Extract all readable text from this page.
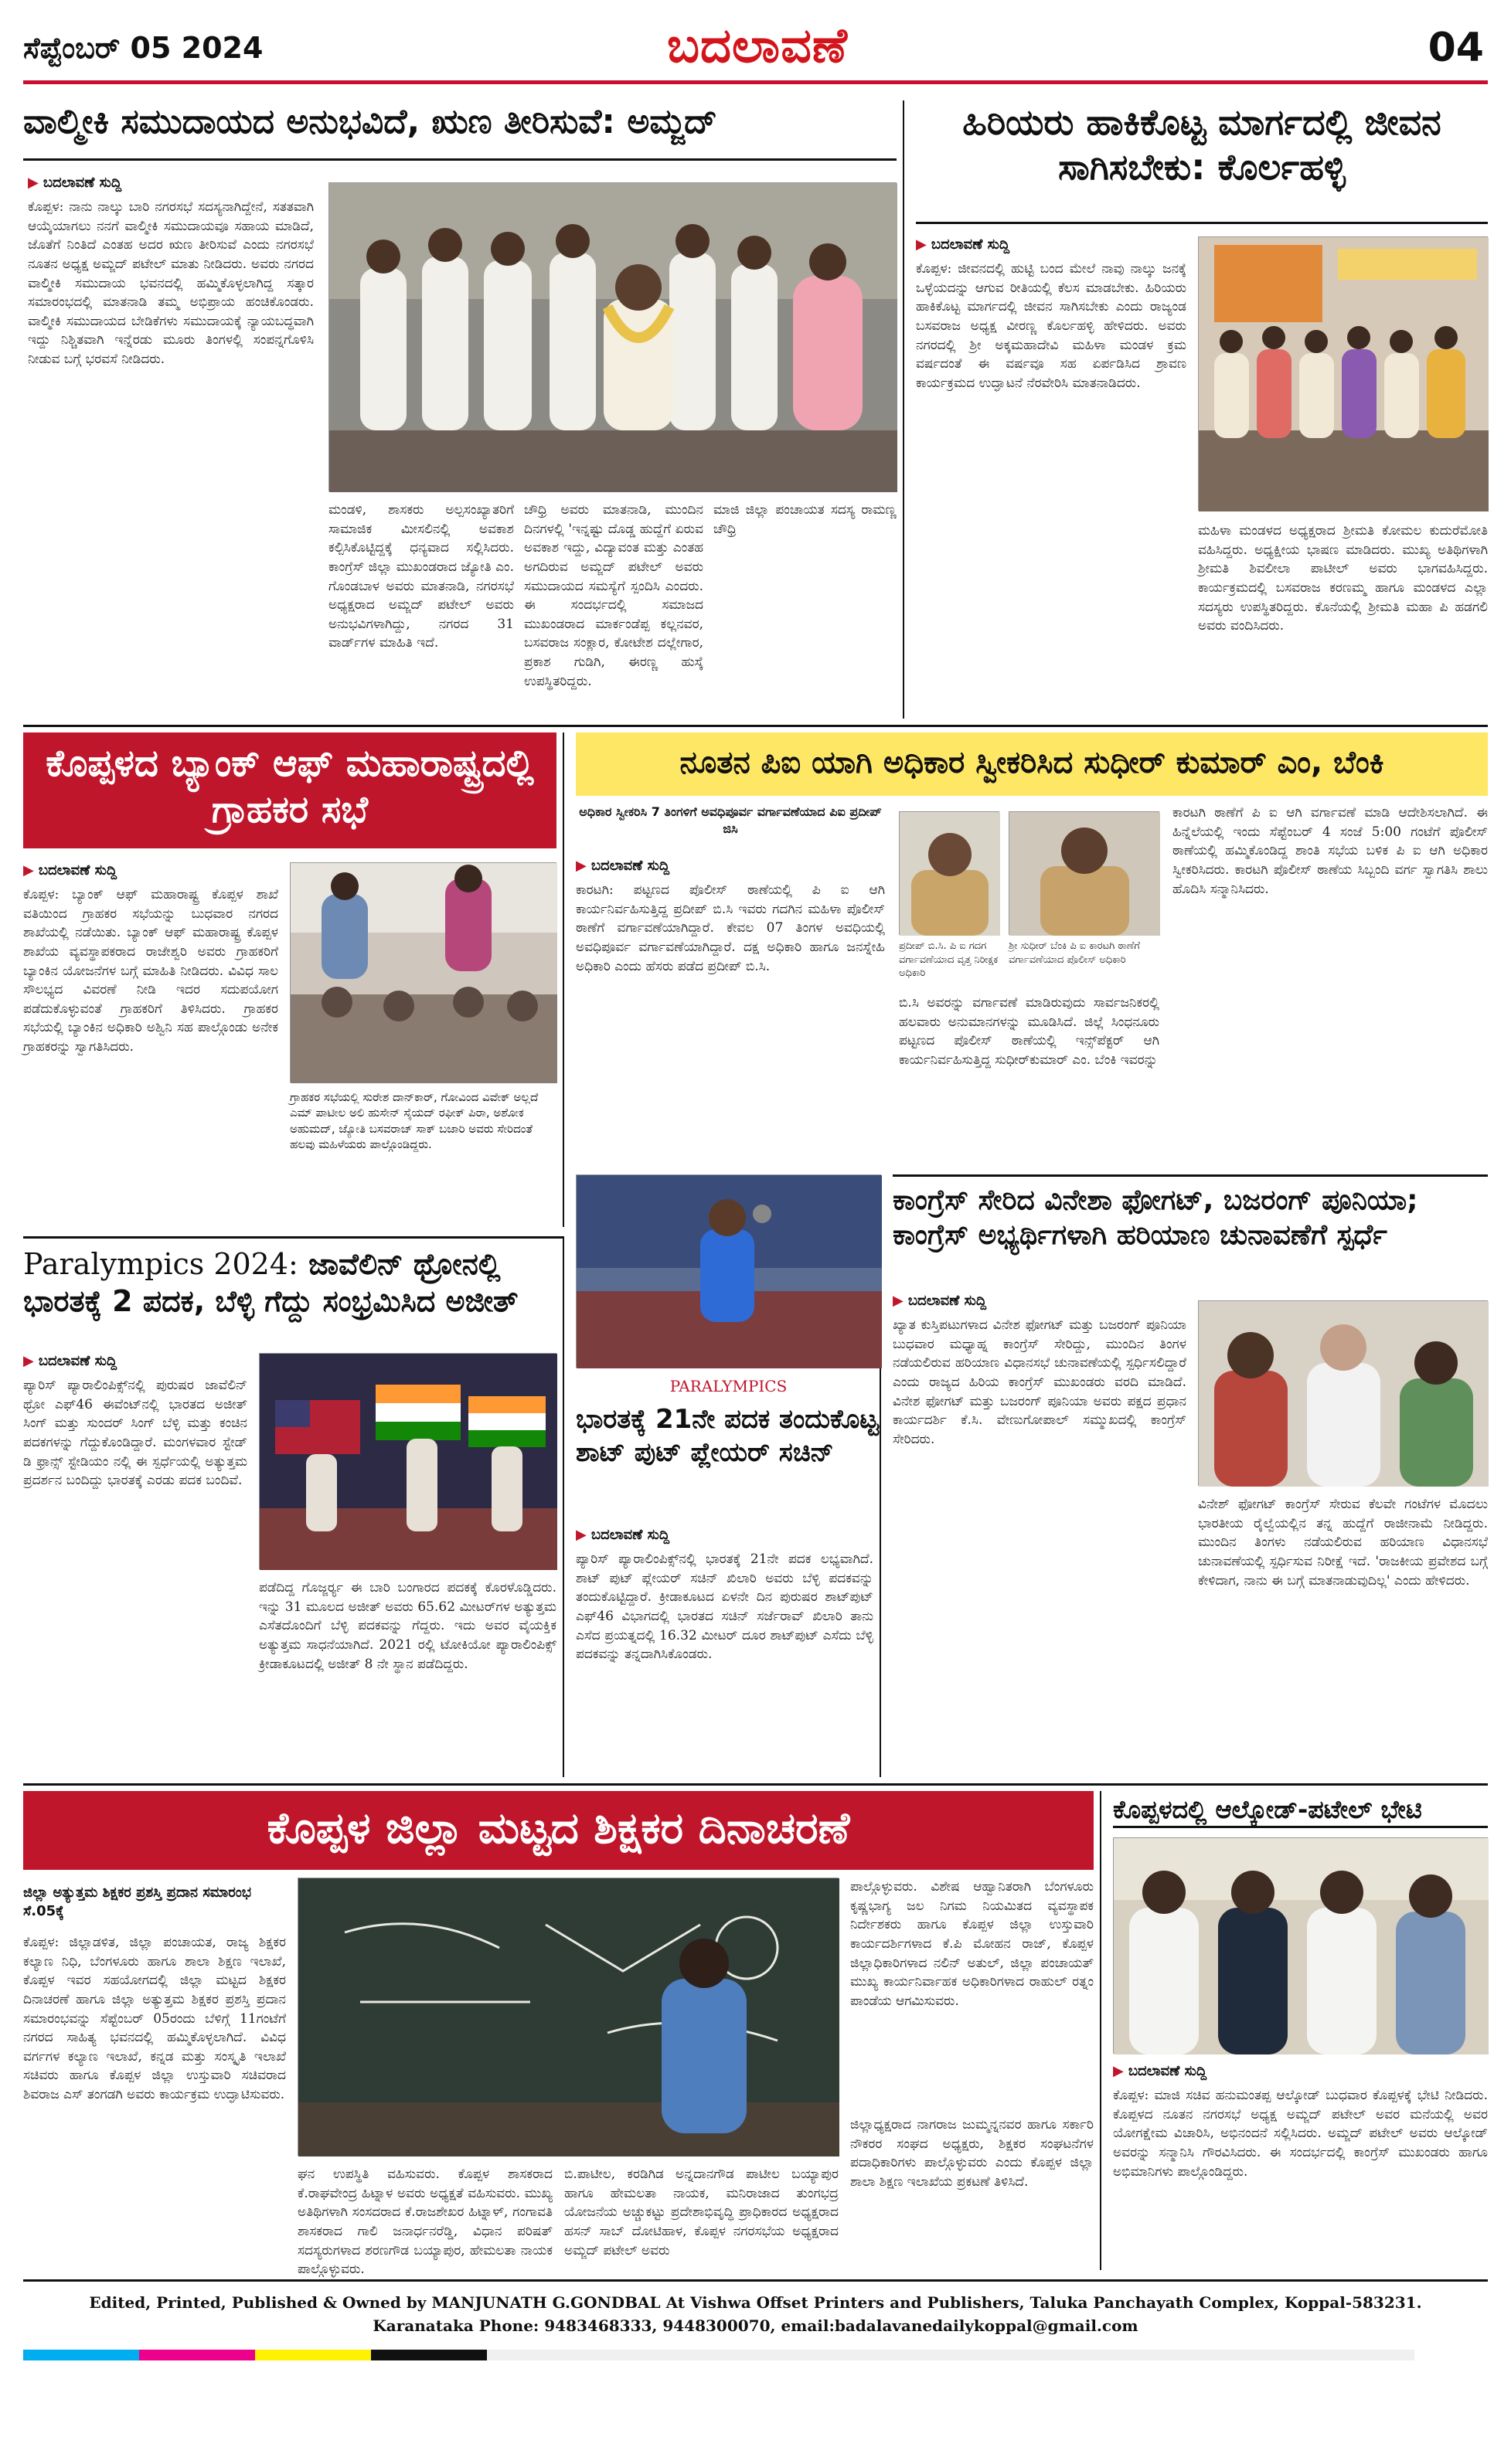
ಸೆಪ್ಟೆಂಬರ್ 05 2024	ಬದಲಾವಣೆ	04
ವಾಲ್ಮೀಕಿ ಸಮುದಾಯದ ಅನುಭವಿದೆ, ಋಣ ತೀರಿಸುವೆ: ಅಮ್ಜದ್
▶ ಬದಲಾವಣೆ ಸುದ್ದಿ
ಕೊಪ್ಪಳ: ನಾನು ನಾಲ್ಕು ಬಾರಿ ನಗರಸಭೆ ಸದಸ್ಯನಾಗಿದ್ದೇನೆ, ಸತತವಾಗಿ ಆಯ್ಕೆಯಾಗಲು ನನಗೆ ವಾಲ್ಮೀಕಿ ಸಮುದಾಯವೂ ಸಹಾಯ ಮಾಡಿದೆ, ಜೊತೆಗೆ ನಿಂತಿದೆ ಎಂತಹ ಅದರ ಋಣ ತೀರಿಸುವೆ ಎಂದು ನಗರಸಭೆ ನೂತನ ಅಧ್ಯಕ್ಷ ಅಮ್ಜದ್ ಪಟೇಲ್ ಮಾತು ನೀಡಿದರು. ಅವರು ನಗರದ ವಾಲ್ಮೀಕಿ ಸಮುದಾಯ ಭವನದಲ್ಲಿ ಹಮ್ಮಿಕೊಳ್ಳಲಾಗಿದ್ದ ಸತ್ಕಾರ ಸಮಾರಂಭದಲ್ಲಿ ಮಾತನಾಡಿ ತಮ್ಮ ಅಭಿಪ್ರಾಯ ಹಂಚಿಕೊಂಡರು. ವಾಲ್ಮೀಕಿ ಸಮುದಾಯದ ಬೇಡಿಕೆಗಳು ಸಮುದಾಯಕ್ಕೆ ನ್ಯಾಯಬದ್ಧವಾಗಿ ಇದ್ದು ನಿಶ್ಚಿತವಾಗಿ ಇನ್ನೆರಡು ಮೂರು ತಿಂಗಳಲ್ಲಿ ಸಂಪನ್ನಗೊಳಿಸಿ ನೀಡುವ ಬಗ್ಗೆ ಭರವಸೆ ನೀಡಿದರು.
ಮಂಡಳಿ, ಶಾಸಕರು ಅಲ್ಪಸಂಖ್ಯಾತರಿಗೆ ಸಾಮಾಜಿಕ ಮೀಸಲಿನಲ್ಲಿ ಅವಕಾಶ ಕಲ್ಪಿಸಿಕೊಟ್ಟಿದ್ದಕ್ಕೆ ಧನ್ಯವಾದ ಸಲ್ಲಿಸಿದರು. ಕಾಂಗ್ರೆಸ್ ಜಿಲ್ಲಾ ಮುಖಂಡರಾದ ಜ್ಯೋತಿ ಎಂ. ಗೊಂಡಬಾಳ ಅವರು ಮಾತನಾಡಿ, ನಗರಸಭೆ ಅಧ್ಯಕ್ಷರಾದ ಅಮ್ಜದ್ ಪಟೇಲ್ ಅವರು ಅನುಭವಿಗಳಾಗಿದ್ದು, ನಗರದ 31 ವಾರ್ಡ್‌ಗಳ ಮಾಹಿತಿ ಇದೆ.
ಚೌಧ್ರಿ ಅವರು ಮಾತನಾಡಿ, ಮುಂದಿನ ದಿನಗಳಲ್ಲಿ 'ಇನ್ನಷ್ಟು ದೊಡ್ಡ ಹುದ್ದೆಗೆ ಏರುವ ಅವಕಾಶ ಇದ್ದು, ವಿದ್ಯಾವಂತ ಮತ್ತು ಎಂತಹ ಅಗದಿರುವ ಅಮ್ಜದ್ ಪಟೇಲ್ ಅವರು ಸಮುದಾಯದ ಸಮಸ್ಯೆಗೆ ಸ್ಪಂದಿಸಿ ಎಂದರು. ಈ ಸಂದರ್ಭದಲ್ಲಿ ಸಮಾಜದ ಮುಖಂಡರಾದ ಮಾರ್ಕಂಡೆಪ್ಪ ಕಲ್ಲನವರ, ಬಸವರಾಜ ಸಂಕ್ಲಾರ, ಕೋಟೇಶ ದಲ್ಲೇಗಾರ, ಪ್ರಕಾಶ ಗುಡಿಗಿ, ಈರಣ್ಣ ಹುಸ್ಕೆ ಉಪಸ್ಥಿತರಿದ್ದರು.
ಮಾಜಿ ಜಿಲ್ಲಾ ಪಂಚಾಯತ ಸದಸ್ಯ ರಾಮಣ್ಣ ಚೌಧ್ರಿ
ಹಿರಿಯರು ಹಾಕಿಕೊಟ್ಟ ಮಾರ್ಗದಲ್ಲಿ ಜೀವನ ಸಾಗಿಸಬೇಕು: ಕೊರ್ಲಹಳ್ಳಿ
▶ ಬದಲಾವಣೆ ಸುದ್ದಿ
ಕೊಪ್ಪಳ: ಜೀವನದಲ್ಲಿ ಹುಟ್ಟಿ ಬಂದ ಮೇಲೆ ನಾವು ನಾಲ್ಕು ಜನಕ್ಕೆ ಒಳ್ಳೆಯದನ್ನು ಆಗುವ ರೀತಿಯಲ್ಲಿ ಕೆಲಸ ಮಾಡಬೇಕು. ಹಿರಿಯರು ಹಾಕಿಕೊಟ್ಟ ಮಾರ್ಗದಲ್ಲಿ ಜೀವನ ಸಾಗಿಸಬೇಕು ಎಂದು ರಾಜ್ಯಂಡ ಬಸವರಾಜ ಅಧ್ಯಕ್ಷ ವೀರಣ್ಣ ಕೊರ್ಲಹಳ್ಳಿ ಹೇಳಿದರು. ಅವರು ನಗರದಲ್ಲಿ ಶ್ರೀ ಅಕ್ಕಮಹಾದೇವಿ ಮಹಿಳಾ ಮಂಡಳ ಕ್ರಮ ವರ್ಷದಂತೆ ಈ ವರ್ಷವೂ ಸಹ ಏರ್ಪಡಿಸಿದ ಶ್ರಾವಣ ಕಾರ್ಯಕ್ರಮದ ಉದ್ಘಾಟನೆ ನೆರವೇರಿಸಿ ಮಾತನಾಡಿದರು.
ಮಹಿಳಾ ಮಂಡಳದ ಅಧ್ಯಕ್ಷರಾದ ಶ್ರೀಮತಿ ಕೋಮಲ ಕುದುರೆಮೋತಿ ವಹಿಸಿದ್ದರು. ಅಧ್ಯಕ್ಷೀಯ ಭಾಷಣ ಮಾಡಿದರು. ಮುಖ್ಯ ಅತಿಥಿಗಳಾಗಿ ಶ್ರೀಮತಿ ಶಿವಲೀಲಾ ಪಾಟೀಲ್ ಅವರು ಭಾಗವಹಿಸಿದ್ದರು. ಕಾರ್ಯಕ್ರಮದಲ್ಲಿ ಬಸವರಾಜ ಕರಣಮ್ಮ ಹಾಗೂ ಮಂಡಳದ ಎಲ್ಲಾ ಸದಸ್ಯರು ಉಪಸ್ಥಿತರಿದ್ದರು. ಕೊನೆಯಲ್ಲಿ ಶ್ರೀಮತಿ ಮಹಾ ಪಿ ಹಡಗಲಿ ಅವರು ವಂದಿಸಿದರು.
ಕೊಪ್ಪಳದ ಬ್ಯಾಂಕ್ ಆಫ್ ಮಹಾರಾಷ್ಟ್ರದಲ್ಲಿ ಗ್ರಾಹಕರ ಸಭೆ
▶ ಬದಲಾವಣೆ ಸುದ್ದಿ
ಕೊಪ್ಪಳ: ಬ್ಯಾಂಕ್ ಆಫ್ ಮಹಾರಾಷ್ಟ್ರ ಕೊಪ್ಪಳ ಶಾಖೆ ವತಿಯಿಂದ ಗ್ರಾಹಕರ ಸಭೆಯನ್ನು ಬುಧವಾರ ನಗರದ ಶಾಖೆಯಲ್ಲಿ ನಡೆಯಿತು. ಬ್ಯಾಂಕ್ ಆಫ್ ಮಹಾರಾಷ್ಟ್ರ ಕೊಪ್ಪಳ ಶಾಖೆಯ ವ್ಯವಸ್ಥಾಪಕರಾದ ರಾಜೇಶ್ವರಿ ಅವರು ಗ್ರಾಹಕರಿಗೆ ಬ್ಯಾಂಕಿನ ಯೋಜನೆಗಳ ಬಗ್ಗೆ ಮಾಹಿತಿ ನೀಡಿದರು. ವಿವಿಧ ಸಾಲ ಸೌಲಭ್ಯದ ವಿವರಣೆ ನೀಡಿ ಇದರ ಸದುಪಯೋಗ ಪಡೆದುಕೊಳ್ಳುವಂತೆ ಗ್ರಾಹಕರಿಗೆ ತಿಳಿಸಿದರು. ಗ್ರಾಹಕರ ಸಭೆಯಲ್ಲಿ ಬ್ಯಾಂಕಿನ ಅಧಿಕಾರಿ ಅಶ್ವಿನಿ ಸಹ ಪಾಲ್ಗೊಂಡು ಅನೇಕ ಗ್ರಾಹಕರನ್ನು ಸ್ವಾಗತಿಸಿದರು.
ಗ್ರಾಹಕರ ಸಭೆಯಲ್ಲಿ ಸುರೇಶ ದಾನ್‌ಕಾರ್, ಗೋವಿಂದ ವಿವೇಕ್ ಅಲ್ಲದೆ ಎಮ್ ಪಾಟೀಲ ಅಲಿ ಹುಸೇನ್ ಸೈಯದ್ ರಫೀಕ್ ಪಿರಾ, ಅಶೋಕ ಅಹುಮದ್, ಜ್ಯೋತಿ ಬಸವರಾಜ್ ಸಾಕ್ ಬಜಾರಿ ಅವರು ಸೇರಿದಂತೆ ಹಲವು ಮಹಿಳೆಯರು ಪಾಲ್ಗೊಂಡಿದ್ದರು.
ನೂತನ ಪಿಐ ಯಾಗಿ ಅಧಿಕಾರ ಸ್ವೀಕರಿಸಿದ ಸುಧೀರ್ ಕುಮಾರ್ ಎಂ, ಬೆಂಕಿ
ಅಧಿಕಾರ ಸ್ವೀಕರಿಸಿ 7 ತಿಂಗಳಿಗೆ ಅವಧಿಪೂರ್ವ ವರ್ಗಾವಣೆಯಾದ ಪಿಐ ಪ್ರದೀಪ್ ಜಿಸಿ
▶ ಬದಲಾವಣೆ ಸುದ್ದಿ
ಕಾರಟಗಿ: ಪಟ್ಟಣದ ಪೊಲೀಸ್ ಠಾಣೆಯಲ್ಲಿ ಪಿ ಐ ಆಗಿ ಕಾರ್ಯನಿರ್ವಹಿಸುತ್ತಿದ್ದ ಪ್ರದೀಪ್ ಬಿ.ಸಿ ಇವರು ಗದಗಿನ ಮಹಿಳಾ ಪೊಲೀಸ್ ಠಾಣೆಗೆ ವರ್ಗಾವಣೆಯಾಗಿದ್ದಾರೆ. ಕೇವಲ 07 ತಿಂಗಳ ಅವಧಿಯಲ್ಲಿ ಅವಧಿಪೂರ್ವ ವರ್ಗಾವಣೆಯಾಗಿದ್ದಾರೆ. ದಕ್ಷ ಅಧಿಕಾರಿ ಹಾಗೂ ಜನಸ್ನೇಹಿ ಅಧಿಕಾರಿ ಎಂದು ಹೆಸರು ಪಡೆದ ಪ್ರದೀಪ್ ಬಿ.ಸಿ.
ಪ್ರದೀಪ್ ಬಿ.ಸಿ. ಪಿ ಐ ಗದಗ ವರ್ಗಾವಣೆಯಾದ ವೃತ್ತ ನಿರೀಕ್ಷಕ ಅಧಿಕಾರಿ
ಶ್ರೀ ಸುಧೀರ್ ಬೆಂಕಿ ಪಿ ಐ ಕಾರಟಗಿ ಠಾಣೆಗೆ ವರ್ಗಾವಣೆಯಾದ ಪೊಲೀಸ್ ಅಧಿಕಾರಿ
ಬಿ.ಸಿ ಅವರನ್ನು ವರ್ಗಾವಣೆ ಮಾಡಿರುವುದು ಸಾರ್ವಜನಿಕರಲ್ಲಿ ಹಲವಾರು ಅನುಮಾನಗಳನ್ನು ಮೂಡಿಸಿದೆ. ಜಿಲ್ಲೆ ಸಿಂಧನೂರು ಪಟ್ಟಣದ ಪೊಲೀಸ್ ಠಾಣೆಯಲ್ಲಿ ಇನ್ಸ್‌ಪೆಕ್ಟರ್ ಆಗಿ ಕಾರ್ಯನಿರ್ವಹಿಸುತ್ತಿದ್ದ ಸುಧೀರ್‌ಕುಮಾರ್ ಎಂ. ಬೆಂಕಿ ಇವರನ್ನು
ಕಾರಟಗಿ ಠಾಣೆಗೆ ಪಿ ಐ ಆಗಿ ವರ್ಗಾವಣೆ ಮಾಡಿ ಆದೇಶಿಸಲಾಗಿದೆ. ಈ ಹಿನ್ನೆಲೆಯಲ್ಲಿ ಇಂದು ಸೆಪ್ಟೆಂಬರ್ 4 ಸಂಜೆ 5:00 ಗಂಟೆಗೆ ಪೊಲೀಸ್ ಠಾಣೆಯಲ್ಲಿ ಹಮ್ಮಿಕೊಂಡಿದ್ದ ಶಾಂತಿ ಸಭೆಯ ಬಳಿಕ ಪಿ ಐ ಆಗಿ ಅಧಿಕಾರ ಸ್ವೀಕರಿಸಿದರು. ಕಾರಟಗಿ ಪೊಲೀಸ್ ಠಾಣೆಯ ಸಿಬ್ಬಂದಿ ವರ್ಗ ಸ್ವಾಗತಿಸಿ ಶಾಲು ಹೊದಿಸಿ ಸನ್ಮಾನಿಸಿದರು.
Paralympics 2024: ಜಾವೆಲಿನ್ ಥ್ರೋನಲ್ಲಿ ಭಾರತಕ್ಕೆ 2 ಪದಕ, ಬೆಳ್ಳಿ ಗೆದ್ದು ಸಂಭ್ರಮಿಸಿದ ಅಜೀತ್
▶ ಬದಲಾವಣೆ ಸುದ್ದಿ
ಪ್ಯಾರಿಸ್ ಪ್ಯಾರಾಲಿಂಪಿಕ್ಸ್‌ನಲ್ಲಿ ಪುರುಷರ ಜಾವೆಲಿನ್ ಥ್ರೋ ಎಫ್46 ಈವೆಂಟ್‌ನಲ್ಲಿ ಭಾರತದ ಅಜೀತ್ ಸಿಂಗ್ ಮತ್ತು ಸುಂದರ್ ಸಿಂಗ್ ಬೆಳ್ಳಿ ಮತ್ತು ಕಂಚಿನ ಪದಕಗಳನ್ನು ಗೆದ್ದುಕೊಂಡಿದ್ದಾರೆ. ಮಂಗಳವಾರ ಸ್ಟೇಡ್ ಡಿ ಫ್ರಾನ್ಸ್ ಸ್ಟೇಡಿಯಂ ನಲ್ಲಿ ಈ ಸ್ಪರ್ಧೆಯಲ್ಲಿ ಅತ್ಯುತ್ತಮ ಪ್ರದರ್ಶನ ಬಂದಿದ್ದು ಭಾರತಕ್ಕೆ ಎರಡು ಪದಕ ಬಂದಿವೆ.
ಪಡೆದಿದ್ದ ಗೊಜ್ಜರ್ರ್ಯ ಈ ಬಾರಿ ಬಂಗಾರದ ಪದಕಕ್ಕೆ ಕೊರಳೊಡ್ಡಿದರು. ಇನ್ನು 31 ಮೂಲದ ಅಜೀತ್ ಅವರು 65.62 ಮೀಟರ್‌ಗಳ ಅತ್ಯುತ್ತಮ ಎಸೆತದೊಂದಿಗೆ ಬೆಳ್ಳಿ ಪದಕವನ್ನು ಗೆದ್ದರು. ಇದು ಅವರ ವೈಯಕ್ತಿಕ ಅತ್ಯುತ್ತಮ ಸಾಧನೆಯಾಗಿದೆ. 2021 ರಲ್ಲಿ ಟೋಕಿಯೋ ಪ್ಯಾರಾಲಿಂಪಿಕ್ಸ್ ಕ್ರೀಡಾಕೂಟದಲ್ಲಿ ಅಜೀತ್ 8 ನೇ ಸ್ಥಾನ ಪಡೆದಿದ್ದರು.
PARALYMPICS
ಭಾರತಕ್ಕೆ 21ನೇ ಪದಕ ತಂದುಕೊಟ್ಟ ಶಾಟ್ ಪುಟ್ ಪ್ಲೇಯರ್ ಸಚಿನ್
▶ ಬದಲಾವಣೆ ಸುದ್ದಿ
ಪ್ಯಾರಿಸ್ ಪ್ಯಾರಾಲಿಂಪಿಕ್ಸ್‌ನಲ್ಲಿ ಭಾರತಕ್ಕೆ 21ನೇ ಪದಕ ಲಭ್ಯವಾಗಿದೆ. ಶಾಟ್ ಪುಟ್ ಪ್ಲೇಯರ್ ಸಚಿನ್ ಖಿಲಾರಿ ಅವರು ಬೆಳ್ಳಿ ಪದಕವನ್ನು ತಂದುಕೊಟ್ಟಿದ್ದಾರೆ. ಕ್ರೀಡಾಕೂಟದ ಏಳನೇ ದಿನ ಪುರುಷರ ಶಾಟ್‌ಪುಟ್ ಎಫ್46 ವಿಭಾಗದಲ್ಲಿ ಭಾರತದ ಸಚಿನ್ ಸರ್ಜೆರಾವ್ ಖಿಲಾರಿ ತಾನು ಎಸೆದ ಪ್ರಯತ್ನದಲ್ಲಿ 16.32 ಮೀಟರ್ ದೂರ ಶಾಟ್‌ಪುಟ್ ಎಸೆದು ಬೆಳ್ಳಿ ಪದಕವನ್ನು ತನ್ನದಾಗಿಸಿಕೊಂಡರು.
ಕಾಂಗ್ರೆಸ್ ಸೇರಿದ ವಿನೇಶಾ ಫೋಗಟ್, ಬಜರಂಗ್ ಪೂನಿಯಾ; ಕಾಂಗ್ರೆಸ್ ಅಭ್ಯರ್ಥಿಗಳಾಗಿ ಹರಿಯಾಣ ಚುನಾವಣೆಗೆ ಸ್ಪರ್ಧೆ
▶ ಬದಲಾವಣೆ ಸುದ್ದಿ
ಖ್ಯಾತ ಕುಸ್ತಿಪಟುಗಳಾದ ವಿನೇಶ ಫೋಗಟ್ ಮತ್ತು ಬಜರಂಗ್ ಪೂನಿಯಾ ಬುಧವಾರ ಮಧ್ಯಾಹ್ನ ಕಾಂಗ್ರೆಸ್ ಸೇರಿದ್ದು, ಮುಂದಿನ ತಿಂಗಳ ನಡೆಯಲಿರುವ ಹರಿಯಾಣ ವಿಧಾನಸಭೆ ಚುನಾವಣೆಯಲ್ಲಿ ಸ್ಪರ್ಧಿಸಲಿದ್ದಾರೆ ಎಂದು ರಾಜ್ಯದ ಹಿರಿಯ ಕಾಂಗ್ರೆಸ್ ಮುಖಂಡರು ವರದಿ ಮಾಡಿದೆ. ವಿನೇಶ ಫೋಗಟ್ ಮತ್ತು ಬಜರಂಗ್ ಪೂನಿಯಾ ಅವರು ಪಕ್ಷದ ಪ್ರಧಾನ ಕಾರ್ಯದರ್ಶಿ ಕೆ.ಸಿ. ವೇಣುಗೋಪಾಲ್ ಸಮ್ಮುಖದಲ್ಲಿ ಕಾಂಗ್ರೆಸ್ ಸೇರಿದರು.
ವಿನೇಶ್ ಫೋಗಟ್ ಕಾಂಗ್ರೆಸ್ ಸೇರುವ ಕೆಲವೇ ಗಂಟೆಗಳ ಮೊದಲು ಭಾರತೀಯ ರೈಲ್ವೆಯಲ್ಲಿನ ತನ್ನ ಹುದ್ದೆಗೆ ರಾಜೀನಾಮೆ ನೀಡಿದ್ದರು. ಮುಂದಿನ ತಿಂಗಳು ನಡೆಯಲಿರುವ ಹರಿಯಾಣ ವಿಧಾನಸಭೆ ಚುನಾವಣೆಯಲ್ಲಿ ಸ್ಪರ್ಧಿಸುವ ನಿರೀಕ್ಷೆ ಇದೆ. 'ರಾಜಕೀಯ ಪ್ರವೇಶದ ಬಗ್ಗೆ ಕೇಳಿದಾಗ, ನಾನು ಈ ಬಗ್ಗೆ ಮಾತನಾಡುವುದಿಲ್ಲ' ಎಂದು ಹೇಳಿದರು.
ಕೊಪ್ಪಳ ಜಿಲ್ಲಾ ಮಟ್ಟದ ಶಿಕ್ಷಕರ ದಿನಾಚರಣೆ
ಜಿಲ್ಲಾ ಅತ್ಯುತ್ತಮ ಶಿಕ್ಷಕರ ಪ್ರಶಸ್ತಿ ಪ್ರದಾನ ಸಮಾರಂಭ ಸೆ.05ಕ್ಕೆ
ಕೊಪ್ಪಳ: ಜಿಲ್ಲಾಡಳಿತ, ಜಿಲ್ಲಾ ಪಂಚಾಯತ, ರಾಜ್ಯ ಶಿಕ್ಷಕರ ಕಲ್ಯಾಣ ನಿಧಿ, ಬೆಂಗಳೂರು ಹಾಗೂ ಶಾಲಾ ಶಿಕ್ಷಣ ಇಲಾಖೆ, ಕೊಪ್ಪಳ ಇವರ ಸಹಯೋಗದಲ್ಲಿ ಜಿಲ್ಲಾ ಮಟ್ಟದ ಶಿಕ್ಷಕರ ದಿನಾಚರಣೆ ಹಾಗೂ ಜಿಲ್ಲಾ ಅತ್ಯುತ್ತಮ ಶಿಕ್ಷಕರ ಪ್ರಶಸ್ತಿ ಪ್ರದಾನ ಸಮಾರಂಭವನ್ನು ಸೆಪ್ಟೆಂಬರ್ 05ರಂದು ಬೆಳಿಗ್ಗೆ 11ಗಂಟೆಗೆ ನಗರದ ಸಾಹಿತ್ಯ ಭವನದಲ್ಲಿ ಹಮ್ಮಿಕೊಳ್ಳಲಾಗಿದೆ. ವಿವಿಧ ವರ್ಗಗಳ ಕಲ್ಯಾಣ ಇಲಾಖೆ, ಕನ್ನಡ ಮತ್ತು ಸಂಸ್ಕೃತಿ ಇಲಾಖೆ ಸಚಿವರು ಹಾಗೂ ಕೊಪ್ಪಳ ಜಿಲ್ಲಾ ಉಸ್ತುವಾರಿ ಸಚಿವರಾದ ಶಿವರಾಜ ಎಸ್ ತಂಗಡಗಿ ಅವರು ಕಾರ್ಯಕ್ರಮ ಉದ್ಘಾಟಿಸುವರು.
ಘನ ಉಪಸ್ಥಿತಿ ವಹಿಸುವರು. ಕೊಪ್ಪಳ ಶಾಸಕರಾದ ಕೆ.ರಾಘವೇಂದ್ರ ಹಿಟ್ನಾಳ ಅವರು ಅಧ್ಯಕ್ಷತೆ ವಹಿಸುವರು. ಮುಖ್ಯ ಅತಿಥಿಗಳಾಗಿ ಸಂಸದರಾದ ಕೆ.ರಾಜಶೇಖರ ಹಿಟ್ನಾಳ್, ಗಂಗಾವತಿ ಶಾಸಕರಾದ ಗಾಲಿ ಜನಾರ್ಧನರೆಡ್ಡಿ, ವಿಧಾನ ಪರಿಷತ್ ಸದಸ್ಯರುಗಳಾದ ಶರಣಗೌಡ ಬಯ್ಯಾಪುರ, ಹೇಮಲತಾ ನಾಯಕ ಪಾಲ್ಗೊಳ್ಳುವರು.
ಬಿ.ಪಾಟೀಲ, ಕರಡಿಗಿಡ ಅನ್ನದಾನಗೌಡ ಪಾಟೀಲ ಬಯ್ಯಾಪುರ ಹಾಗೂ ಹೇಮಲತಾ ನಾಯಕ, ಮನಿರಾಜಾದ ತುಂಗಭದ್ರ ಯೋಜನೆಯ ಅಚ್ಚುಕಟ್ಟು ಪ್ರದೇಶಾಭಿವೃದ್ಧಿ ಪ್ರಾಧಿಕಾರದ ಅಧ್ಯಕ್ಷರಾದ ಹಸನ್ ಸಾಬ್ ದೋಟಿಹಾಳ, ಕೊಪ್ಪಳ ನಗರಸಭೆಯ ಅಧ್ಯಕ್ಷರಾದ ಅಮ್ಜದ್ ಪಟೇಲ್ ಅವರು
ಪಾಲ್ಗೊಳ್ಳುವರು. ವಿಶೇಷ ಆಹ್ವಾನಿತರಾಗಿ ಬೆಂಗಳೂರು ಕೃಷ್ಣಭಾಗ್ಯ ಜಲ ನಿಗಮ ನಿಯಮಿತದ ವ್ಯವಸ್ಥಾಪಕ ನಿರ್ದೇಶಕರು ಹಾಗೂ ಕೊಪ್ಪಳ ಜಿಲ್ಲಾ ಉಸ್ತುವಾರಿ ಕಾರ್ಯದರ್ಶಿಗಳಾದ ಕೆ.ಪಿ ಮೋಹನ ರಾಜ್, ಕೊಪ್ಪಳ ಜಿಲ್ಲಾಧಿಕಾರಿಗಳಾದ ನಲಿನ್ ಅತುಲ್, ಜಿಲ್ಲಾ ಪಂಚಾಯತ್ ಮುಖ್ಯ ಕಾರ್ಯನಿರ್ವಾಹಕ ಅಧಿಕಾರಿಗಳಾದ ರಾಹುಲ್ ರತ್ನಂ ಪಾಂಡೆಯ ಆಗಮಿಸುವರು.
ಜಿಲ್ಲಾಧ್ಯಕ್ಷರಾದ ನಾಗರಾಜ ಜುಮ್ಮನ್ನನವರ ಹಾಗೂ ಸರ್ಕಾರಿ ನೌಕರರ ಸಂಘದ ಅಧ್ಯಕ್ಷರು, ಶಿಕ್ಷಕರ ಸಂಘಟನೆಗಳ ಪದಾಧಿಕಾರಿಗಳು ಪಾಲ್ಗೊಳ್ಳುವರು ಎಂದು ಕೊಪ್ಪಳ ಜಿಲ್ಲಾ ಶಾಲಾ ಶಿಕ್ಷಣ ಇಲಾಖೆಯ ಪ್ರಕಟಣೆ ತಿಳಿಸಿದೆ.
ಕೊಪ್ಪಳದಲ್ಲಿ ಆಲ್ಕೋಡ್-ಪಟೇಲ್ ಭೇಟಿ
▶ ಬದಲಾವಣೆ ಸುದ್ದಿ
ಕೊಪ್ಪಳ: ಮಾಜಿ ಸಚಿವ ಹನುಮಂತಪ್ಪ ಆಲ್ಕೋಡ್ ಬುಧವಾರ ಕೊಪ್ಪಳಕ್ಕೆ ಭೇಟಿ ನೀಡಿದರು. ಕೊಪ್ಪಳದ ನೂತನ ನಗರಸಭೆ ಅಧ್ಯಕ್ಷ ಅಮ್ಜದ್ ಪಟೇಲ್ ಅವರ ಮನೆಯಲ್ಲಿ ಅವರ ಯೋಗಕ್ಷೇಮ ವಿಚಾರಿಸಿ, ಅಭಿನಂದನೆ ಸಲ್ಲಿಸಿದರು. ಅಮ್ಜದ್ ಪಟೇಲ್ ಅವರು ಆಲ್ಕೋಡ್ ಅವರನ್ನು ಸನ್ಮಾನಿಸಿ ಗೌರವಿಸಿದರು. ಈ ಸಂದರ್ಭದಲ್ಲಿ ಕಾಂಗ್ರೆಸ್ ಮುಖಂಡರು ಹಾಗೂ ಅಭಿಮಾನಿಗಳು ಪಾಲ್ಗೊಂಡಿದ್ದರು.
Edited, Printed, Published & Owned by MANJUNATH G.GONDBAL At Vishwa Offset Printers and Publishers, Taluka Panchayath Complex, Koppal-583231.
Karanataka Phone: 9483468333, 9448300070, email:badalavanedailykoppal@gmail.com
